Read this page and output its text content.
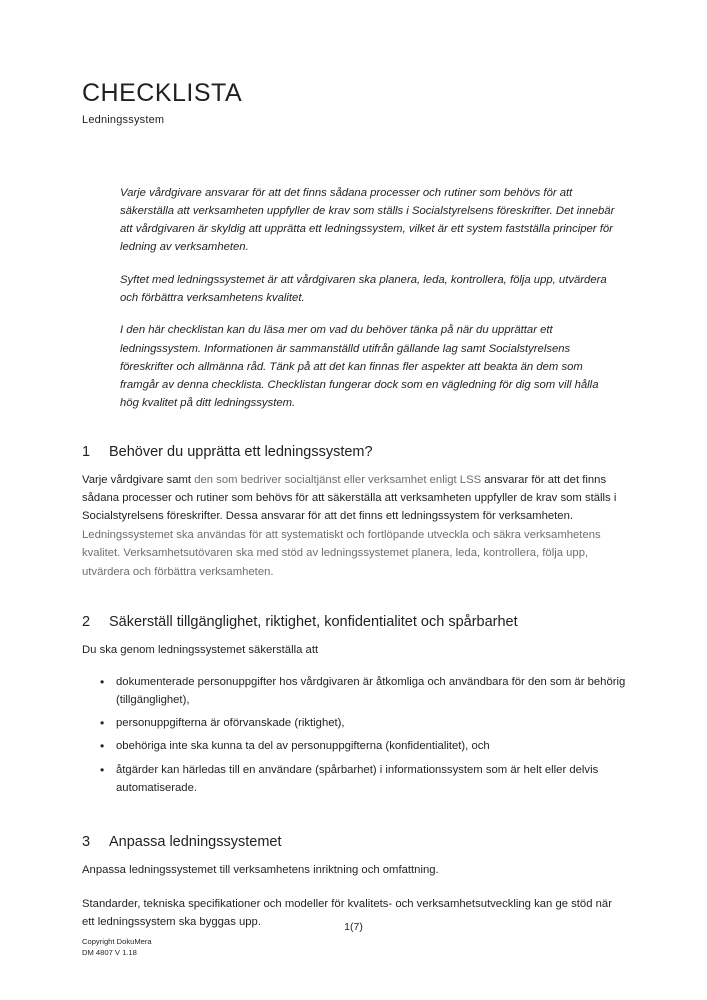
CHECKLISTA

Ledningssystem

Varje vårdgivare ansvarar för att det finns sådana processer och rutiner som behövs för att säkerställa att verksamheten uppfyller de krav som ställs i Socialstyrelsens föreskrifter. Det innebär att vårdgivaren är skyldig att upprätta ett ledningssystem, vilket är ett system fastställa principer för ledning av verksamheten.

Syftet med ledningssystemet är att vårdgivaren ska planera, leda, kontrollera, följa upp, utvärdera och förbättra verksamhetens kvalitet.

I den här checklistan kan du läsa mer om vad du behöver tänka på när du upprättar ett ledningssystem. Informationen är sammanställd utifrån gällande lag samt Socialstyrelsens föreskrifter och allmänna råd. Tänk på att det kan finnas fler aspekter att beakta än dem som framgår av denna checklista. Checklistan fungerar dock som en vägledning för dig som vill hålla hög kvalitet på ditt ledningssystem.

1	Behöver du upprätta ett ledningssystem?

Varje vårdgivare samt den som bedriver socialtjänst eller verksamhet enligt LSS ansvarar för att det finns sådana processer och rutiner som behövs för att säkerställa att verksamheten uppfyller de krav som ställs i Socialstyrelsens föreskrifter. Dessa ansvarar för att det finns ett ledningssystem för verksamheten. Ledningssystemet ska användas för att systematiskt och fortlöpande utveckla och säkra verksamhetens kvalitet. Verksamhetsutövaren ska med stöd av ledningssystemet planera, leda, kontrollera, följa upp, utvärdera och förbättra verksamheten.

2	Säkerställ tillgänglighet, riktighet, konfidentialitet och spårbarhet

Du ska genom ledningssystemet säkerställa att

• dokumenterade personuppgifter hos vårdgivaren är åtkomliga och användbara för den som är behörig (tillgänglighet),
• personuppgifterna är oförvanskade (riktighet),
• obehöriga inte ska kunna ta del av personuppgifterna (konfidentialitet), och
• åtgärder kan härledas till en användare (spårbarhet) i informationssystem som är helt eller delvis automatiserade.
3	Anpassa ledningssystemet

Anpassa ledningssystemet till verksamhetens inriktning och omfattning.

Standarder, tekniska specifikationer och modeller för kvalitets- och verksamhetsutveckling kan ge stöd när ett ledningssystem ska byggas upp.	1(7)
Copyright DokuMera
DM 4807 V 1.18
